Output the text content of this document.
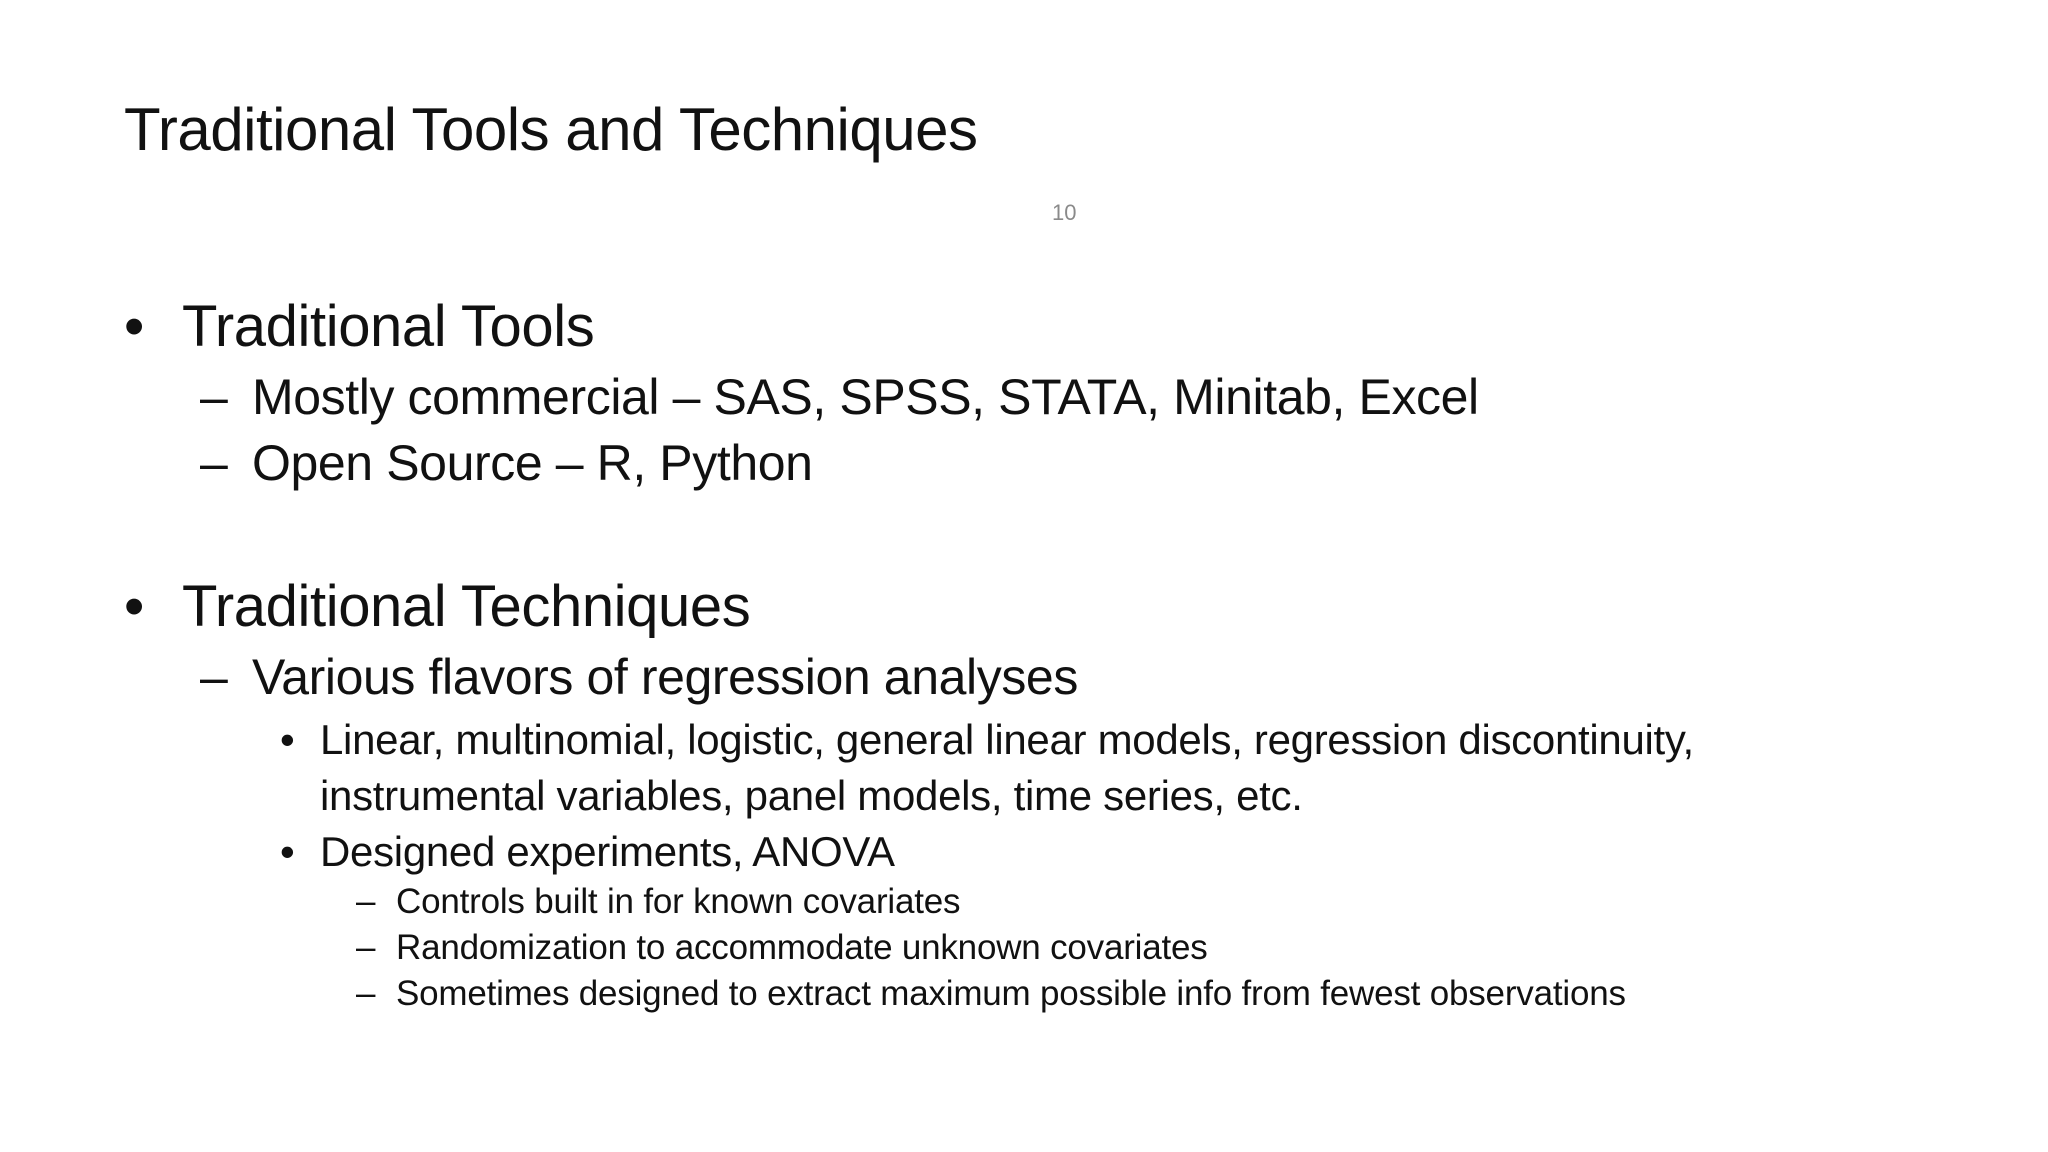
Traditional Tools and Techniques
10
• Traditional Tools
– Mostly commercial – SAS, SPSS, STATA, Minitab, Excel
– Open Source – R, Python
• Traditional Techniques
– Various flavors of regression analyses
• Linear, multinomial, logistic, general linear models, regression discontinuity,
instrumental variables, panel models, time series, etc.
• Designed experiments, ANOVA
– Controls built in for known covariates
– Randomization to accommodate unknown covariates
– Sometimes designed to extract maximum possible info from fewest observations
